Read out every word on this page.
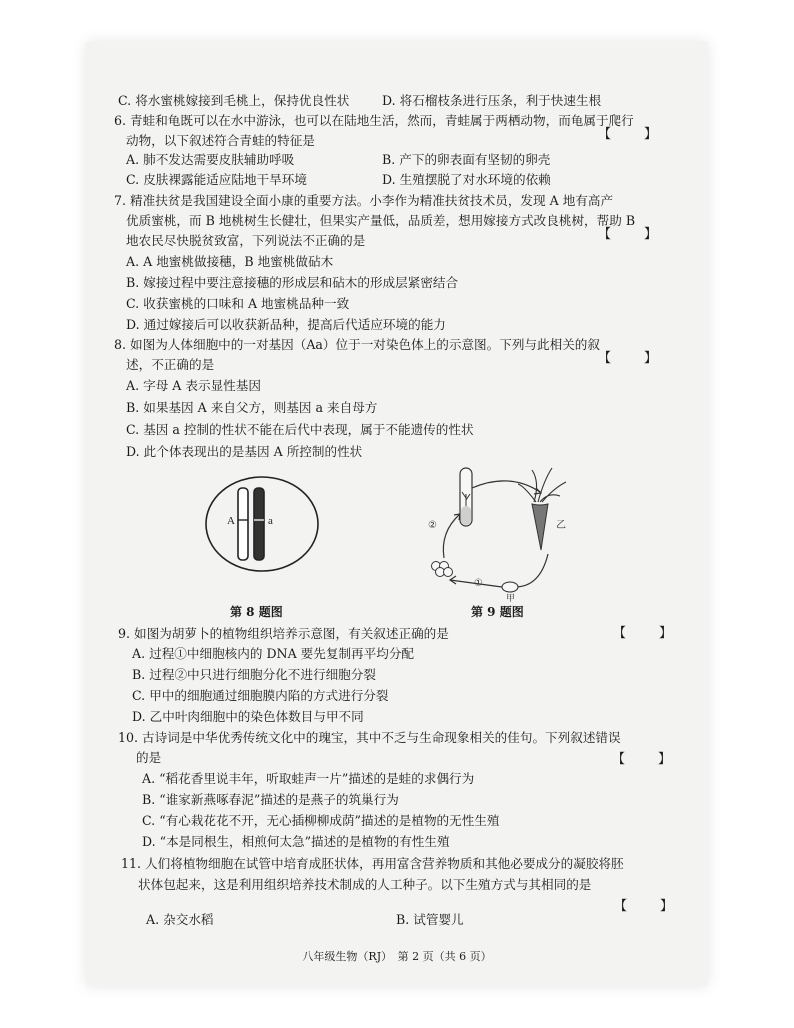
C. 将水蜜桃嫁接到毛桃上，保持优良性状	D. 将石榴枝条进行压条，利于快速生根
6. 青蛙和龟既可以在水中游泳，也可以在陆地生活，然而，青蛙属于两栖动物，而龟属于爬行
动物，以下叙述符合青蛙的特征是	【　】
A. 肺不发达需要皮肤辅助呼吸	B. 产下的卵表面有坚韧的卵壳
C. 皮肤裸露能适应陆地干旱环境	D. 生殖摆脱了对水环境的依赖
7. 精准扶贫是我国建设全面小康的重要方法。小李作为精准扶贫技术员，发现 A 地有高产
优质蜜桃，而 B 地桃树生长健壮，但果实产量低，品质差，想用嫁接方式改良桃树，帮助 B
地农民尽快脱贫致富，下列说法不正确的是	【　】
A. A 地蜜桃做接穗，B 地蜜桃做砧木
B. 嫁接过程中要注意接穗的形成层和砧木的形成层紧密结合
C. 收获蜜桃的口味和 A 地蜜桃品种一致
D. 通过嫁接后可以收获新品种，提高后代适应环境的能力
8. 如图为人体细胞中的一对基因（Aa）位于一对染色体上的示意图。下列与此相关的叙
述，不正确的是	【　】
A. 字母 A 表示显性基因
B. 如果基因 A 来自父方，则基因 a 来自母方
C. 基因 a 控制的性状不能在后代中表现，属于不能遗传的性状
D. 此个体表现出的是基因 A 所控制的性状
A	a
第 8 题图
②
①
乙
甲
第 9 题图
9. 如图为胡萝卜的植物组织培养示意图，有关叙述正确的是	【　】
A. 过程①中细胞核内的 DNA 要先复制再平均分配
B. 过程②中只进行细胞分化不进行细胞分裂
C. 甲中的细胞通过细胞膜内陷的方式进行分裂
D. 乙中叶肉细胞中的染色体数目与甲不同
10. 古诗词是中华优秀传统文化中的瑰宝，其中不乏与生命现象相关的佳句。下列叙述错误
的是	【　】
A. “稻花香里说丰年，听取蛙声一片”描述的是蛙的求偶行为
B. “谁家新燕啄春泥”描述的是燕子的筑巢行为
C. “有心栽花花不开，无心插柳柳成荫”描述的是植物的无性生殖
D. “本是同根生，相煎何太急”描述的是植物的有性生殖
11. 人们将植物细胞在试管中培育成胚状体，再用富含营养物质和其他必要成分的凝胶将胚
状体包起来，这是利用组织培养技术制成的人工种子。以下生殖方式与其相同的是
【　】
A. 杂交水稻	B. 试管婴儿
八年级生物（RJ）　第 2 页（共 6 页）
